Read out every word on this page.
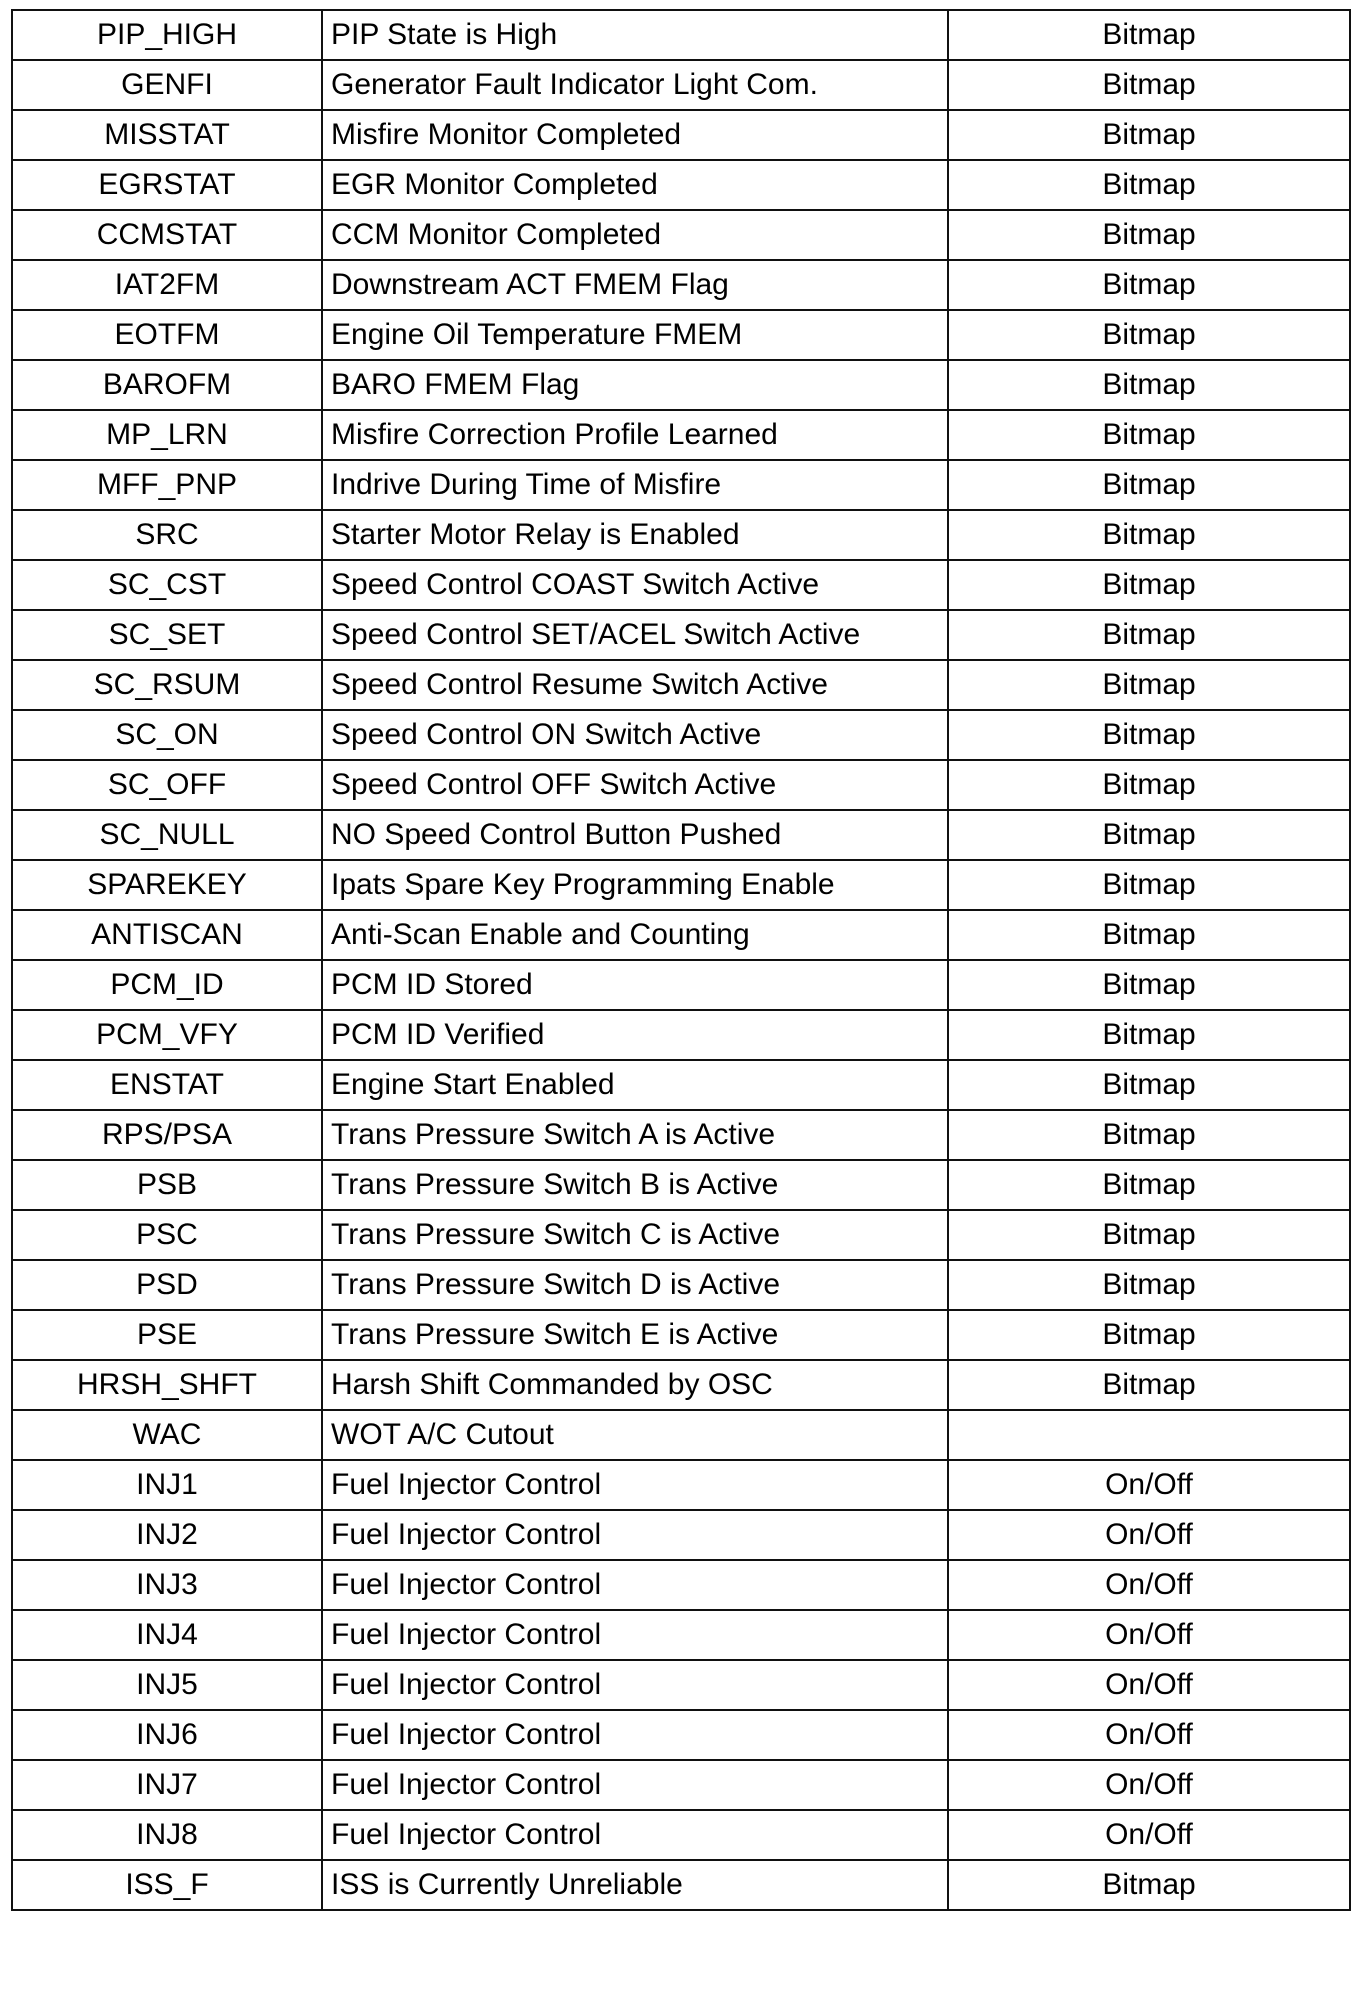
PIP_HIGH	PIP State is High	Bitmap
GENFI	Generator Fault Indicator Light Com.	Bitmap
MISSTAT	Misfire Monitor Completed	Bitmap
EGRSTAT	EGR Monitor Completed	Bitmap
CCMSTAT	CCM Monitor Completed	Bitmap
IAT2FM	Downstream ACT FMEM Flag	Bitmap
EOTFM	Engine Oil Temperature FMEM	Bitmap
BAROFM	BARO FMEM Flag	Bitmap
MP_LRN	Misfire Correction Profile Learned	Bitmap
MFF_PNP	Indrive During Time of Misfire	Bitmap
SRC	Starter Motor Relay is Enabled	Bitmap
SC_CST	Speed Control COAST Switch Active	Bitmap
SC_SET	Speed Control SET/ACEL Switch Active	Bitmap
SC_RSUM	Speed Control Resume Switch Active	Bitmap
SC_ON	Speed Control ON Switch Active	Bitmap
SC_OFF	Speed Control OFF Switch Active	Bitmap
SC_NULL	NO Speed Control Button Pushed	Bitmap
SPAREKEY	Ipats Spare Key Programming Enable	Bitmap
ANTISCAN	Anti-Scan Enable and Counting	Bitmap
PCM_ID	PCM ID Stored	Bitmap
PCM_VFY	PCM ID Verified	Bitmap
ENSTAT	Engine Start Enabled	Bitmap
RPS/PSA	Trans Pressure Switch A is Active	Bitmap
PSB	Trans Pressure Switch B is Active	Bitmap
PSC	Trans Pressure Switch C is Active	Bitmap
PSD	Trans Pressure Switch D is Active	Bitmap
PSE	Trans Pressure Switch E is Active	Bitmap
HRSH_SHFT	Harsh Shift Commanded by OSC	Bitmap
WAC	WOT A/C Cutout	
INJ1	Fuel Injector Control	On/Off
INJ2	Fuel Injector Control	On/Off
INJ3	Fuel Injector Control	On/Off
INJ4	Fuel Injector Control	On/Off
INJ5	Fuel Injector Control	On/Off
INJ6	Fuel Injector Control	On/Off
INJ7	Fuel Injector Control	On/Off
INJ8	Fuel Injector Control	On/Off
ISS_F	ISS is Currently Unreliable	Bitmap
